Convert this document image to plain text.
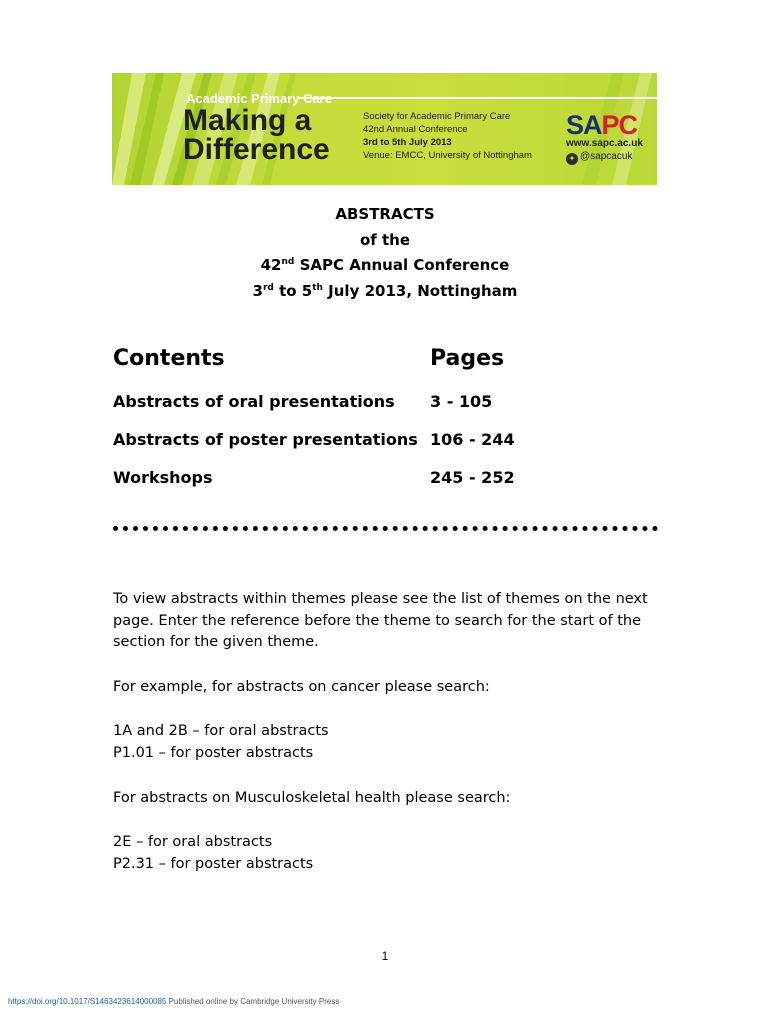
Academic Primary Care
Making a
Difference
Society for Academic Primary Care
42nd Annual Conference
3rd to 5th July 2013
Venue: EMCC, University of Nottingham
SAPC
www.sapc.ac.uk
✦ @sapcacuk
ABSTRACTS
of the
42nd SAPC Annual Conference
3rd to 5th July 2013, Nottingham
Contents	Pages
Abstracts of oral presentations 3 - 105
Abstracts of poster presentations 106 - 244
Workshops	245 - 252
To view abstracts within themes please see the list of themes on the next page. Enter the reference before the theme to search for the start of the section for the given theme.
For example, for abstracts on cancer please search:
1A and 2B – for oral abstracts
P1.01 – for poster abstracts
For abstracts on Musculoskeletal health please search:
2E – for oral abstracts
P2.31 – for poster abstracts
1
https://doi.org/10.1017/S1463423614000085 Published online by Cambridge University Press
